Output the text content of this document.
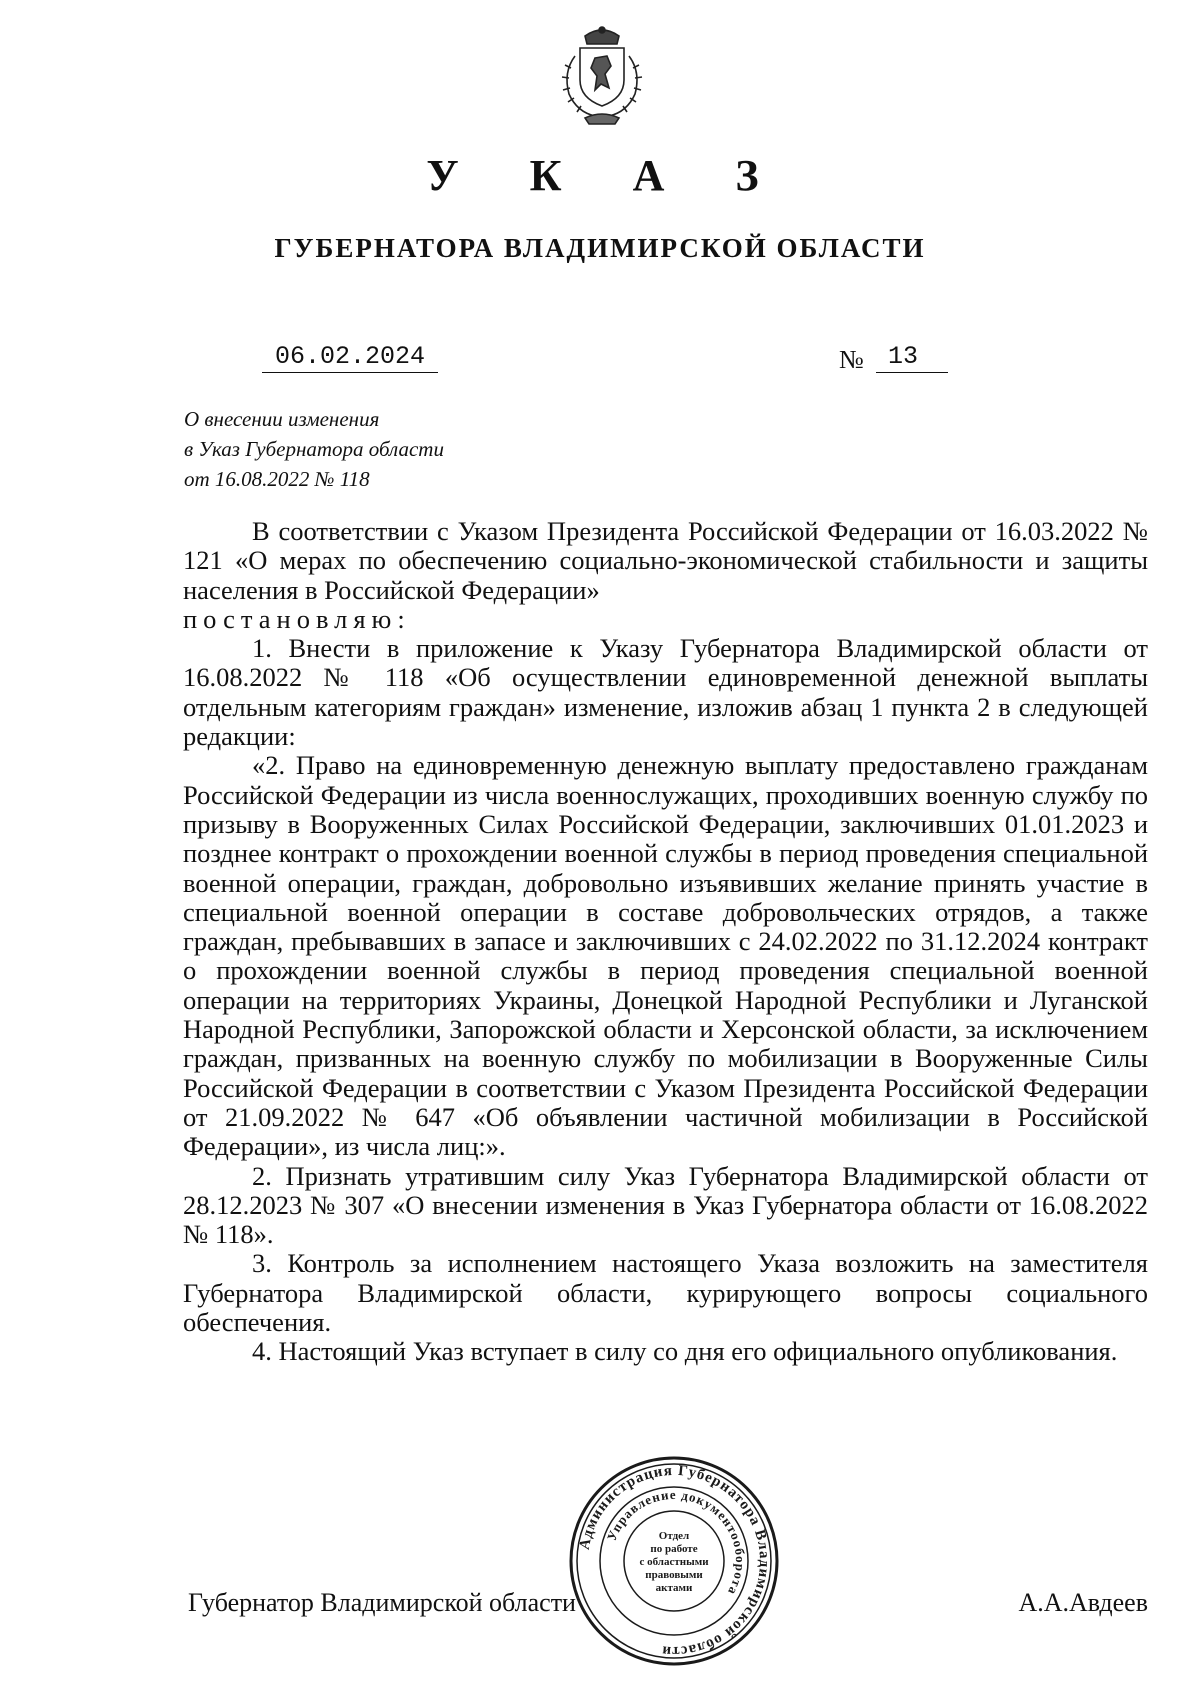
У К А З
ГУБЕРНАТОРА ВЛАДИМИРСКОЙ ОБЛАСТИ
06.02.2024	№ 13
О внесении изменения
в Указ Губернатора области
от 16.08.2022 № 118

В соответствии с Указом Президента Российской Федерации от 16.03.2022 № 121 «О мерах по обеспечению социально-экономической стабильности и защиты населения в Российской Федерации»

постановляю:

1. Внести в приложение к Указу Губернатора Владимирской области от 16.08.2022 № 118 «Об осуществлении единовременной денежной выплаты отдельным категориям граждан» изменение, изложив абзац 1 пункта 2 в следующей редакции:

«2. Право на единовременную денежную выплату предоставлено гражданам Российской Федерации из числа военнослужащих, проходивших военную службу по призыву в Вооруженных Силах Российской Федерации, заключивших 01.01.2023 и позднее контракт о прохождении военной службы в период проведения специальной военной операции, граждан, добровольно изъявивших желание принять участие в специальной военной операции в составе добровольческих отрядов, а также граждан, пребывавших в запасе и заключивших с 24.02.2022 по 31.12.2024 контракт о прохождении военной службы в период проведения специальной военной операции на территориях Украины, Донецкой Народной Республики и Луганской Народной Республики, Запорожской области и Херсонской области, за исключением граждан, призванных на военную службу по мобилизации в Вооруженные Силы Российской Федерации в соответствии с Указом Президента Российской Федерации от 21.09.2022 № 647 «Об объявлении частичной мобилизации в Российской Федерации», из числа лиц:».

2. Признать утратившим силу Указ Губернатора Владимирской области от 28.12.2023 № 307 «О внесении изменения в Указ Губернатора области от 16.08.2022 № 118».

3. Контроль за исполнением настоящего Указа возложить на заместителя Губернатора Владимирской области, курирующего вопросы социального обеспечения.

4. Настоящий Указ вступает в силу со дня его официального опубликования.

Губернатор Владимирской области	А.А.Авдеев
Администрация Губернатора Владимирской области
Управление документооборота
Отдел
по работе
с областными
правовыми
актами
